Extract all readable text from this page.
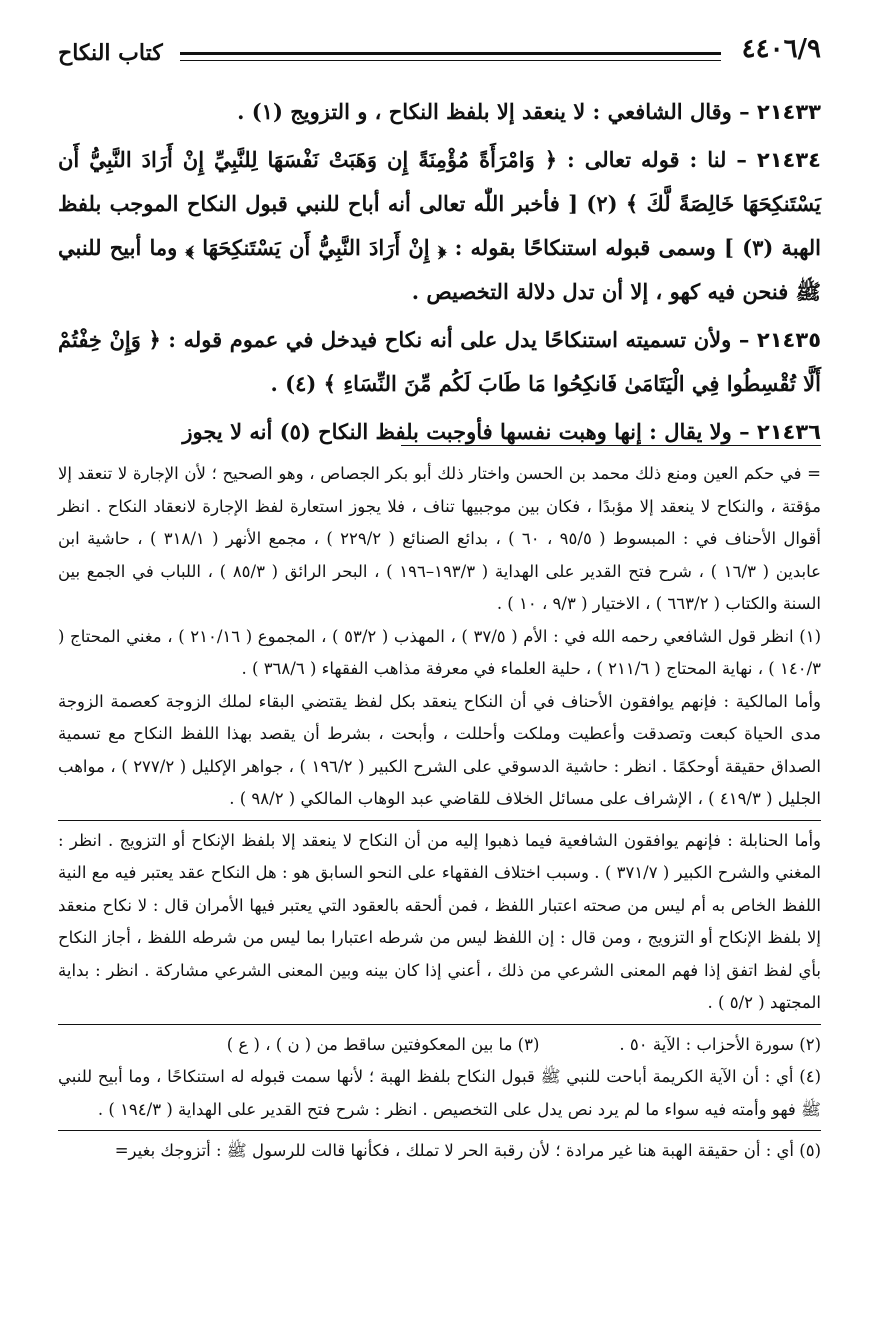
٤٤٠٦/٩
كتاب النكاح

٢١٤٣٣ – وقال الشافعي : لا ينعقد إلا بلفظ النكاح ، و التزويج (١) .

٢١٤٣٤ – لنا : قوله تعالى : ﴿ وَامْرَأَةً مُؤْمِنَةً إِن وَهَبَتْ نَفْسَهَا لِلنَّبِيِّ إِنْ أَرَادَ النَّبِيُّ أَن يَسْتَنكِحَهَا خَالِصَةً لَّكَ ﴾ (٢) [ فأخبر اللّٰه تعالى أنه أباح للنبي قبول النكاح الموجب بلفظ الهبة (٣) ] وسمى قبوله استنكاحًا بقوله : ﴿ إِنْ أَرَادَ النَّبِيُّ أَن يَسْتَنكِحَهَا ﴾ وما أبيح للنبي ﷺ فنحن فيه كهو ، إلا أن تدل دلالة التخصيص .

٢١٤٣٥ – ولأن تسميته استنكاحًا يدل على أنه نكاح فيدخل في عموم قوله : ﴿ وَإِنْ خِفْتُمْ أَلَّا تُقْسِطُوا فِي الْيَتَامَىٰ فَانكِحُوا مَا طَابَ لَكُم مِّنَ النِّسَاءِ ﴾ (٤) .

٢١٤٣٦ – ولا يقال : إنها وهبت نفسها فأوجبت بلفظ النكاح (٥) أنه لا يجوز

= في حكم العين ومنع ذلك محمد بن الحسن واختار ذلك أبو بكر الجصاص ، وهو الصحيح ؛ لأن الإجارة لا تنعقد إلا مؤقتة ، والنكاح لا ينعقد إلا مؤبدًا ، فكان بين موجبيها تناف ، فلا يجوز استعارة لفظ الإجارة لانعقاد النكاح . انظر أقوال الأحناف في : المبسوط ( ٩٥/٥ ، ٦٠ ) ، بدائع الصنائع ( ٢٢٩/٢ ) ، مجمع الأنهر ( ٣١٨/١ ) ، حاشية ابن عابدين ( ١٦/٣ ) ، شرح فتح القدير على الهداية ( ١٩٣/٣–١٩٦ ) ، البحر الرائق ( ٨٥/٣ ) ، اللباب في الجمع بين السنة والكتاب ( ٦٦٣/٢ ) ، الاختيار ( ٩/٣ ، ١٠ ) .

(١) انظر قول الشافعي رحمه الله في : الأم ( ٣٧/٥ ) ، المهذب ( ٥٣/٢ ) ، المجموع ( ٢١٠/١٦ ) ، مغني المحتاج ( ١٤٠/٣ ) ، نهاية المحتاج ( ٢١١/٦ ) ، حلية العلماء في معرفة مذاهب الفقهاء ( ٣٦٨/٦ ) .

وأما المالكية : فإنهم يوافقون الأحناف في أن النكاح ينعقد بكل لفظ يقتضي البقاء لملك الزوجة كعصمة الزوجة مدى الحياة كبعت وتصدقت وأعطيت وملكت وأحللت ، وأبحت ، بشرط أن يقصد بهذا اللفظ النكاح مع تسمية الصداق حقيقة أوحكمًا . انظر : حاشية الدسوقي على الشرح الكبير ( ١٩٦/٢ ) ، جواهر الإكليل ( ٢٧٧/٢ ) ، مواهب الجليل ( ٤١٩/٣ ) ، الإشراف على مسائل الخلاف للقاضي عبد الوهاب المالكي ( ٩٨/٢ ) .

وأما الحنابلة : فإنهم يوافقون الشافعية فيما ذهبوا إليه من أن النكاح لا ينعقد إلا بلفظ الإنكاح أو التزويج . انظر : المغني والشرح الكبير ( ٣٧١/٧ ) . وسبب اختلاف الفقهاء على النحو السابق هو : هل النكاح عقد يعتبر فيه مع النية اللفظ الخاص به أم ليس من صحته اعتبار اللفظ ، فمن ألحقه بالعقود التي يعتبر فيها الأمران قال : لا نكاح منعقد إلا بلفظ الإنكاح أو التزويج ، ومن قال : إن اللفظ ليس من شرطه اعتبارا بما ليس من شرطه اللفظ ، أجاز النكاح بأي لفظ اتفق إذا فهم المعنى الشرعي من ذلك ، أعني إذا كان بينه وبين المعنى الشرعي مشاركة . انظر : بداية المجتهد ( ٥/٢ ) .

(٢) سورة الأحزاب : الآية ٥٠ .

(٣) ما بين المعكوفتين ساقط من ( ن ) ، ( ع )

(٤) أي : أن الآية الكريمة أباحت للنبي ﷺ قبول النكاح بلفظ الهبة ؛ لأنها سمت قبوله له استنكاحًا ، وما أبيح للنبي ﷺ فهو وأمته فيه سواء ما لم يرد نص يدل على التخصيص . انظر : شرح فتح القدير على الهداية ( ١٩٤/٣ ) .

(٥) أي : أن حقيقة الهبة هنا غير مرادة ؛ لأن رقبة الحر لا تملك ، فكأنها قالت للرسول ﷺ : أتزوجك بغير=
